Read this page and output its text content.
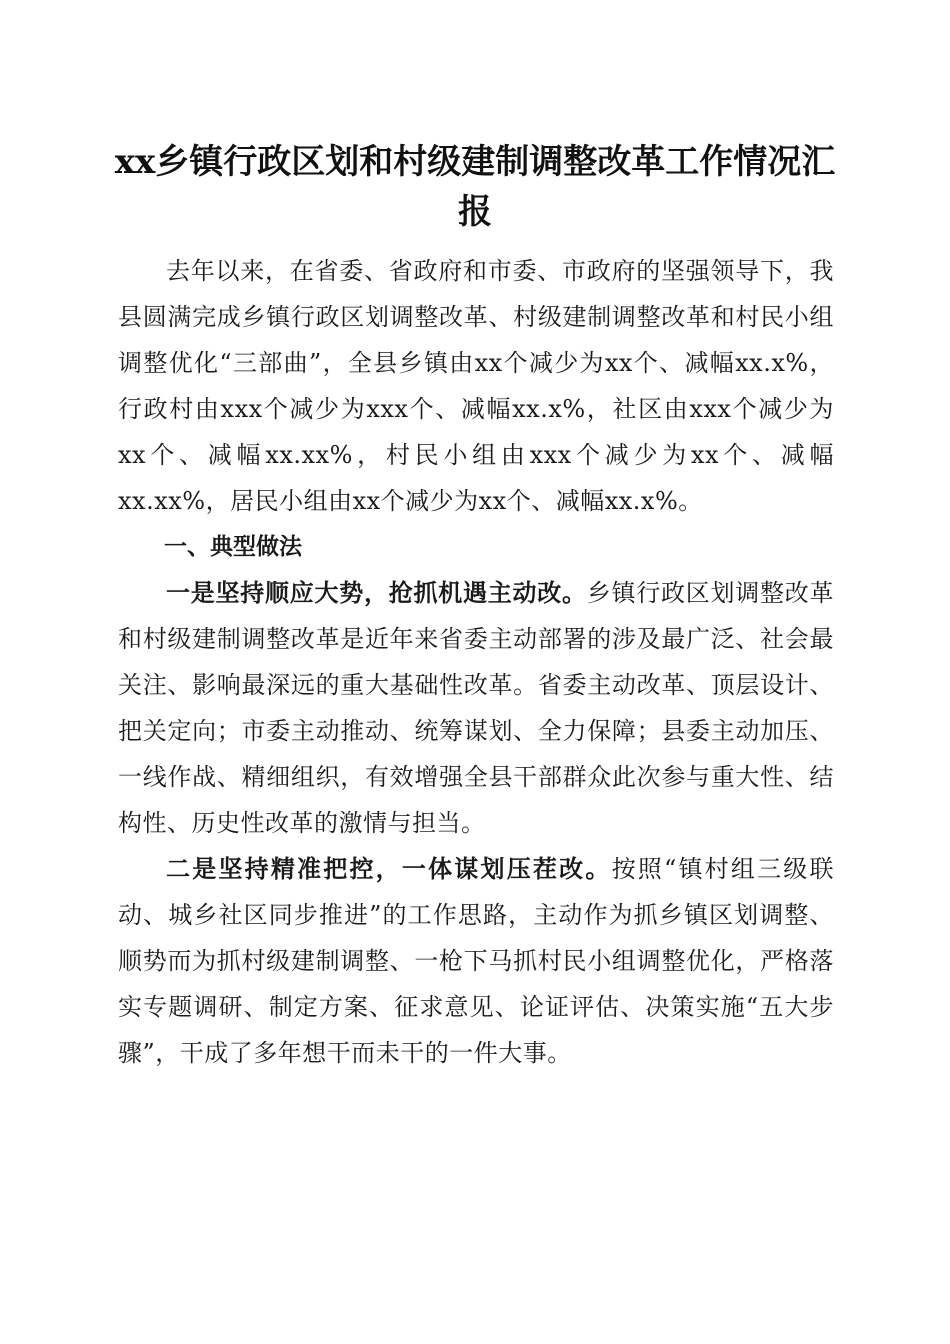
xx乡镇行政区划和村级建制调整改革工作情况汇报

去年以来，在省委、省政府和市委、市政府的坚强领导下，我县圆满完成乡镇行政区划调整改革、村级建制调整改革和村民小组调整优化“三部曲”，全县乡镇由xx个减少为xx个、减幅xx.x%，行政村由xxx个减少为xxx个、减幅xx.x%，社区由xxx个减少为xx个、减幅xx.xx%，村民小组由xxx个减少为xx个、减幅xx.xx%，居民小组由xx个减少为xx个、减幅xx.x%。

一、典型做法

一是坚持顺应大势，抢抓机遇主动改。乡镇行政区划调整改革和村级建制调整改革是近年来省委主动部署的涉及最广泛、社会最关注、影响最深远的重大基础性改革。省委主动改革、顶层设计、把关定向；市委主动推动、统筹谋划、全力保障；县委主动加压、一线作战、精细组织，有效增强全县干部群众此次参与重大性、结构性、历史性改革的激情与担当。

二是坚持精准把控，一体谋划压茬改。按照“镇村组三级联动、城乡社区同步推进”的工作思路，主动作为抓乡镇区划调整、顺势而为抓村级建制调整、一枪下马抓村民小组调整优化，严格落实专题调研、制定方案、征求意见、论证评估、决策实施“五大步骤”，干成了多年想干而未干的一件大事。
